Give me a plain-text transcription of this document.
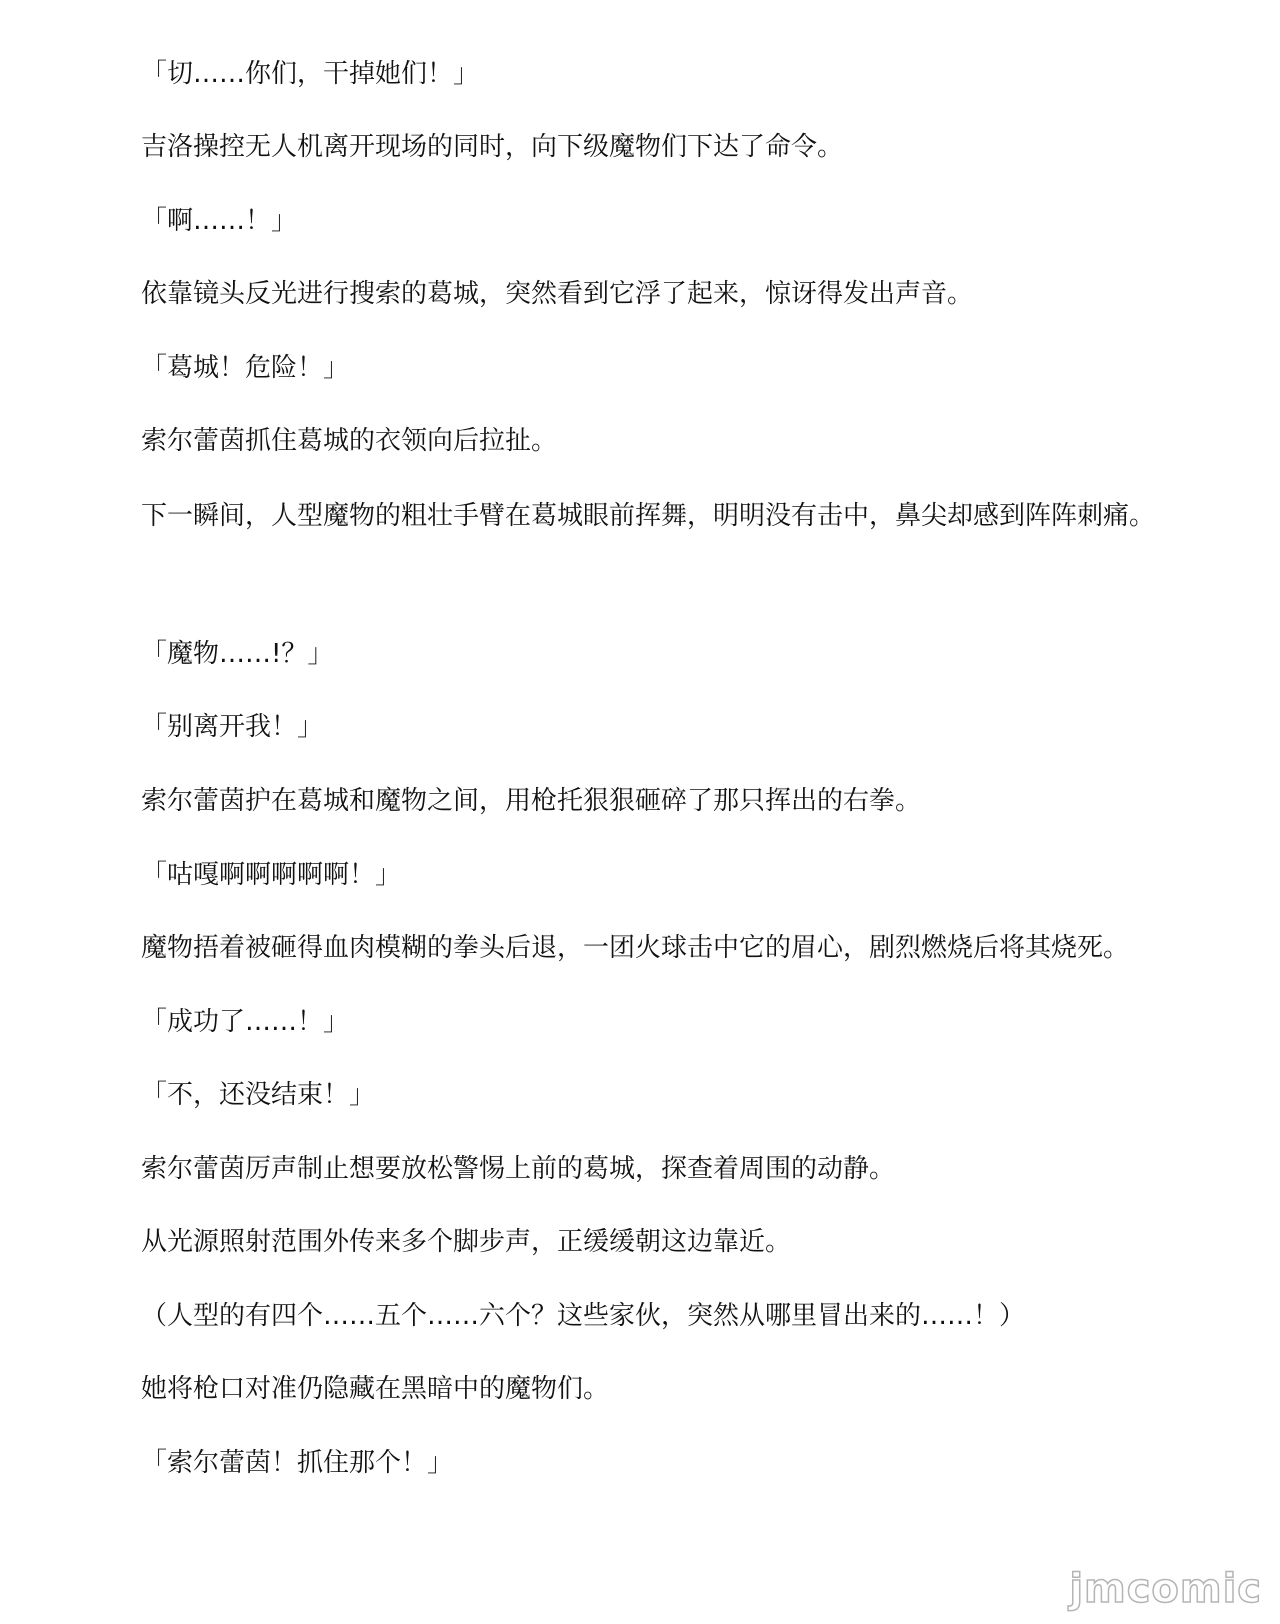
「切……你们，干掉她们！」
吉洛操控无人机离开现场的同时，向下级魔物们下达了命令。
「啊……！」
依靠镜头反光进行搜索的葛城，突然看到它浮了起来，惊讶得发出声音。
「葛城！危险！」
索尔蕾茵抓住葛城的衣领向后拉扯。
下一瞬间，人型魔物的粗壮手臂在葛城眼前挥舞，明明没有击中，鼻尖却感到阵阵刺痛。
「魔物……!？」
「别离开我！」
索尔蕾茵护在葛城和魔物之间，用枪托狠狠砸碎了那只挥出的右拳。
「咕嘎啊啊啊啊啊！」
魔物捂着被砸得血肉模糊的拳头后退，一团火球击中它的眉心，剧烈燃烧后将其烧死。
「成功了……！」
「不，还没结束！」
索尔蕾茵厉声制止想要放松警惕上前的葛城，探查着周围的动静。
从光源照射范围外传来多个脚步声，正缓缓朝这边靠近。
（人型的有四个……五个……六个？这些家伙，突然从哪里冒出来的……！）
她将枪口对准仍隐藏在黑暗中的魔物们。
「索尔蕾茵！抓住那个！」
jmcomic
